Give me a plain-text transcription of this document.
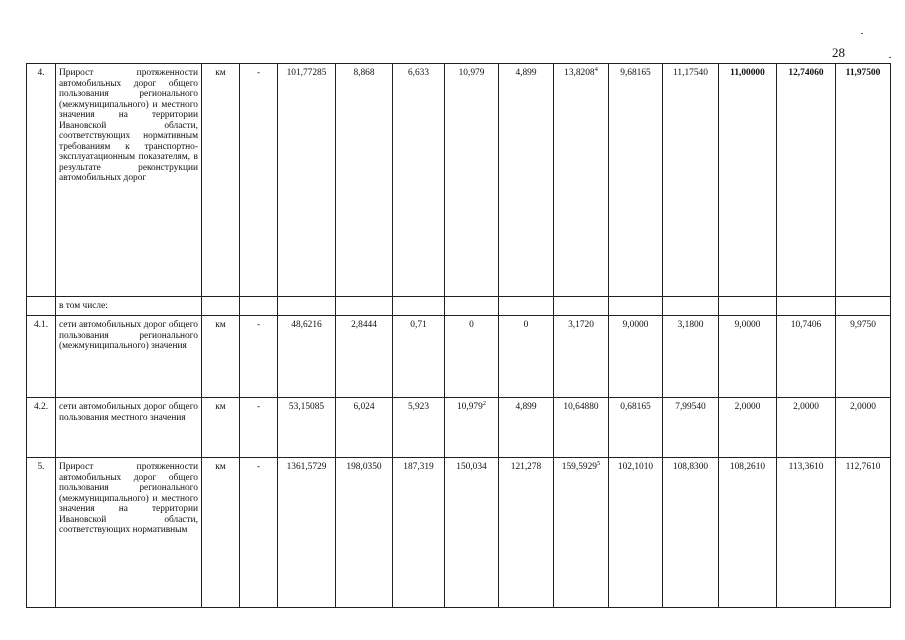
28
4.	Прирост протяженности автомобильных дорог общего пользования регионального (межмуниципального) и местного значения на территории Ивановской области, соответствующих нормативным требованиям к транспортно-эксплуатационным показателям, в результате реконструкции автомобильных дорог	км	-	101,77285	8,868	6,633	10,979	4,899	13,8208$^4$	9,68165	11,17540	11,00000	12,74060	11,97500
	в том числе:													
4.1.	сети автомобильных дорог общего пользования регионального (межмуниципального) значения	км	-	48,6216	2,8444	0,71	0	0	3,1720	9,0000	3,1800	9,0000	10,7406	9,9750
4.2.	сети автомобильных дорог общего пользования местного значения	км	-	53,15085	6,024	5,923	10,979$^2$	4,899	10,64880	0,68165	7,99540	2,0000	2,0000	2,0000
5.	Прирост протяженности автомобильных дорог общего пользования регионального (межмуниципального) и местного значения на территории Ивановской области, соответствующих нормативным	км	-	1361,5729	198,0350	187,319	150,034	121,278	159,5929$^5$	102,1010	108,8300	108,2610	113,3610	112,7610
